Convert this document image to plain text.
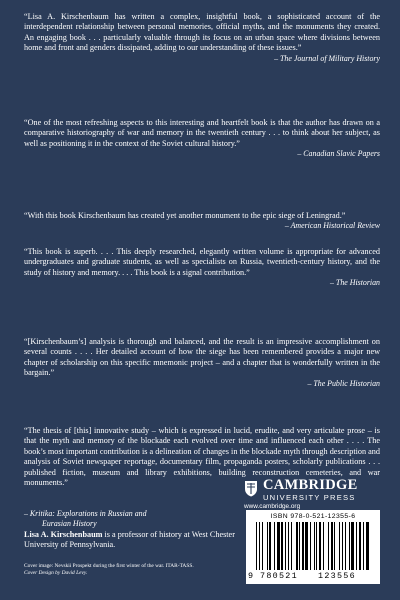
“Lisa A. Kirschenbaum has written a complex, insightful book, a sophisticated account of the interdependent relationship between personal memories, official myths, and the monuments they created. An engaging book . . . particularly valuable through its focus on an urban space where divisions between home and front and genders dissipated, adding to our understanding of these issues.”

– The Journal of Military History

“One of the most refreshing aspects to this interesting and heartfelt book is that the author has drawn on a comparative historiography of war and memory in the twentieth century . . . to think about her subject, as well as positioning it in the context of the Soviet cultural history.”

– Canadian Slavic Papers

“With this book Kirschenbaum has created yet another monument to the epic siege of Leningrad.”

– American Historical Review

“This book is superb. . . . This deeply researched, elegantly written volume is appropriate for advanced undergraduates and graduate students, as well as specialists on Russia, twentieth-century history, and the study of history and memory. . . . This book is a signal contribution.”

– The Historian

“[Kirschenbaum’s] analysis is thorough and balanced, and the result is an impressive accomplishment on several counts . . . . Her detailed account of how the siege has been remembered provides a major new chapter of scholarship on this specific mnemonic project – and a chapter that is wonderfully written in the bargain.”

– The Public Historian

“The thesis of [this] innovative study – which is expressed in lucid, erudite, and very articulate prose – is that the myth and memory of the blockade each evolved over time and influenced each other . . . . The book’s most important contribution is a delineation of changes in the blockade myth through description and analysis of Soviet newspaper reportage, documentary film, propaganda posters, scholarly publications . . . published fiction, museum and library exhibitions, building reconstruction cemeteries, and war monuments.”

– Kritika: Explorations in Russian and
Eurasian History
Lisa A. Kirschenbaum is a professor of history at West Chester University of Pennsylvania.
Cover image: Nevskii Prospekt during the first winter of the war. ITAR-TASS.
Cover Design by David Levy.
CAMBRIDGE
UNIVERSITY PRESS
www.cambridge.org
ISBN 978-0-521-12355-6
9 780521 123556
